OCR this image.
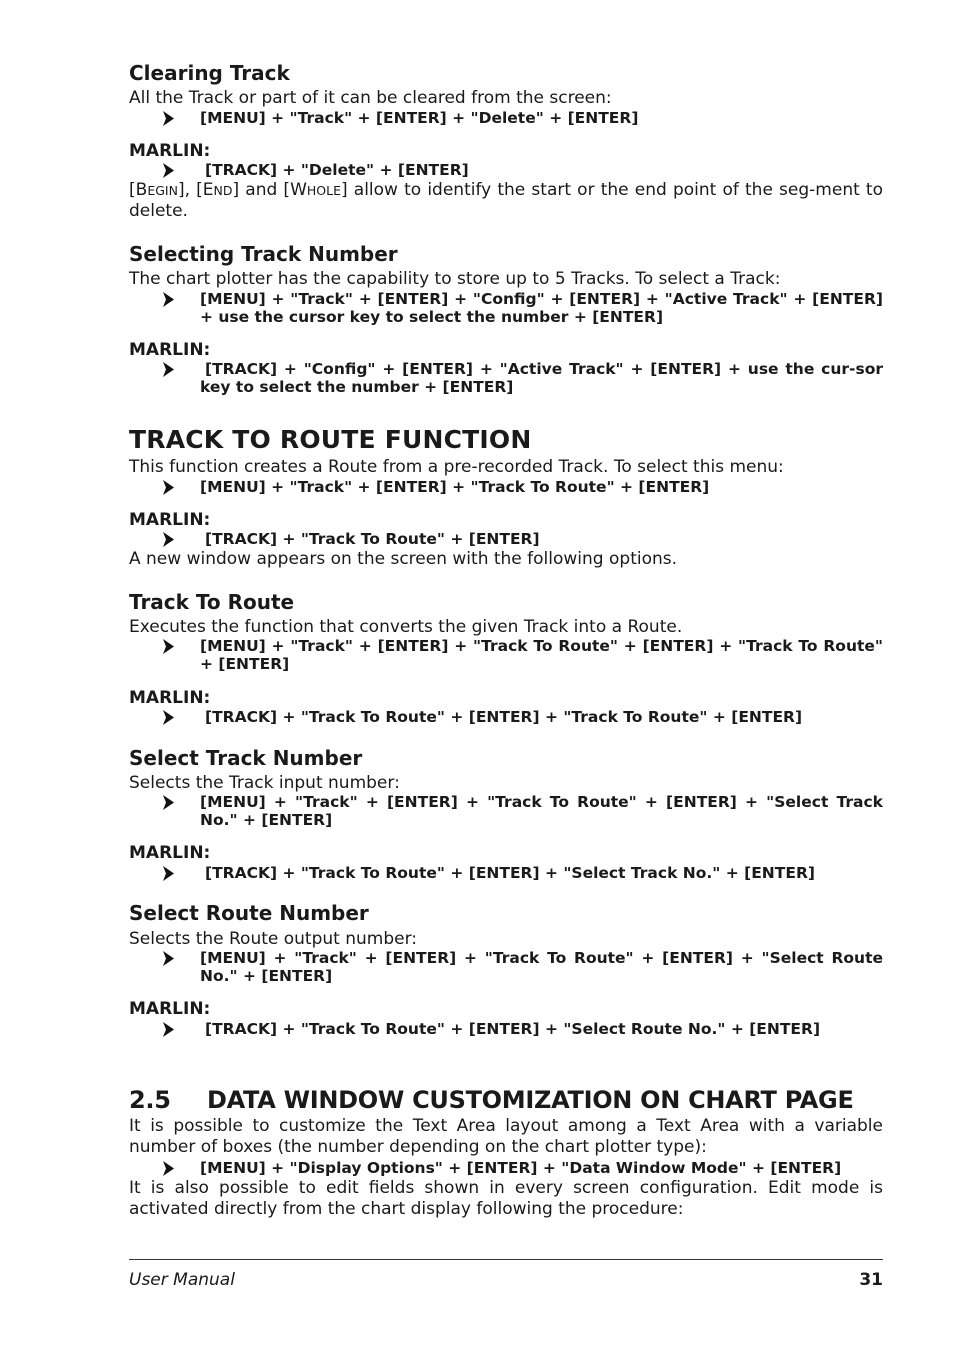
Clearing Track

All the Track or part of it can be cleared from the screen:

[MENU] + "Track" + [ENTER] + "Delete" + [ENTER]

MARLIN:

[TRACK] + "Delete" + [ENTER]

[BEGIN], [END] and [WHOLE] allow to identify the start or the end point of the seg-ment to delete.

Selecting Track Number

The chart plotter has the capability to store up to 5 Tracks. To select a Track:

[MENU] + "Track" + [ENTER] + "Config" + [ENTER] + "Active Track" + [ENTER] + use the cursor key to select the number + [ENTER]

MARLIN:

[TRACK] + "Config" + [ENTER] + "Active Track" + [ENTER] + use the cur-sor key to select the number + [ENTER]

TRACK TO ROUTE FUNCTION

This function creates a Route from a pre-recorded Track. To select this menu:

[MENU] + "Track" + [ENTER] + "Track To Route" + [ENTER]

MARLIN:

[TRACK] + "Track To Route" + [ENTER]

A new window appears on the screen with the following options.

Track To Route

Executes the function that converts the given Track into a Route.

[MENU] + "Track" + [ENTER] + "Track To Route" + [ENTER] + "Track To Route" + [ENTER]

MARLIN:

[TRACK] + "Track To Route" + [ENTER] + "Track To Route" + [ENTER]

Select Track Number

Selects the Track input number:

[MENU] + "Track" + [ENTER] + "Track To Route" + [ENTER] + "Select Track No." + [ENTER]

MARLIN:

[TRACK] + "Track To Route" + [ENTER] + "Select Track No." + [ENTER]

Select Route Number

Selects the Route output number:

[MENU] + "Track" + [ENTER] + "Track To Route" + [ENTER] + "Select Route No." + [ENTER]

MARLIN:

[TRACK] + "Track To Route" + [ENTER] + "Select Route No." + [ENTER]

2.5 DATA WINDOW CUSTOMIZATION ON CHART PAGE

It is possible to customize the Text Area layout among a Text Area with a variable number of boxes (the number depending on the chart plotter type):

[MENU] + "Display Options" + [ENTER] + "Data Window Mode" + [ENTER]

It is also possible to edit fields shown in every screen configuration. Edit mode is activated directly from the chart display following the procedure:

User Manual	31
